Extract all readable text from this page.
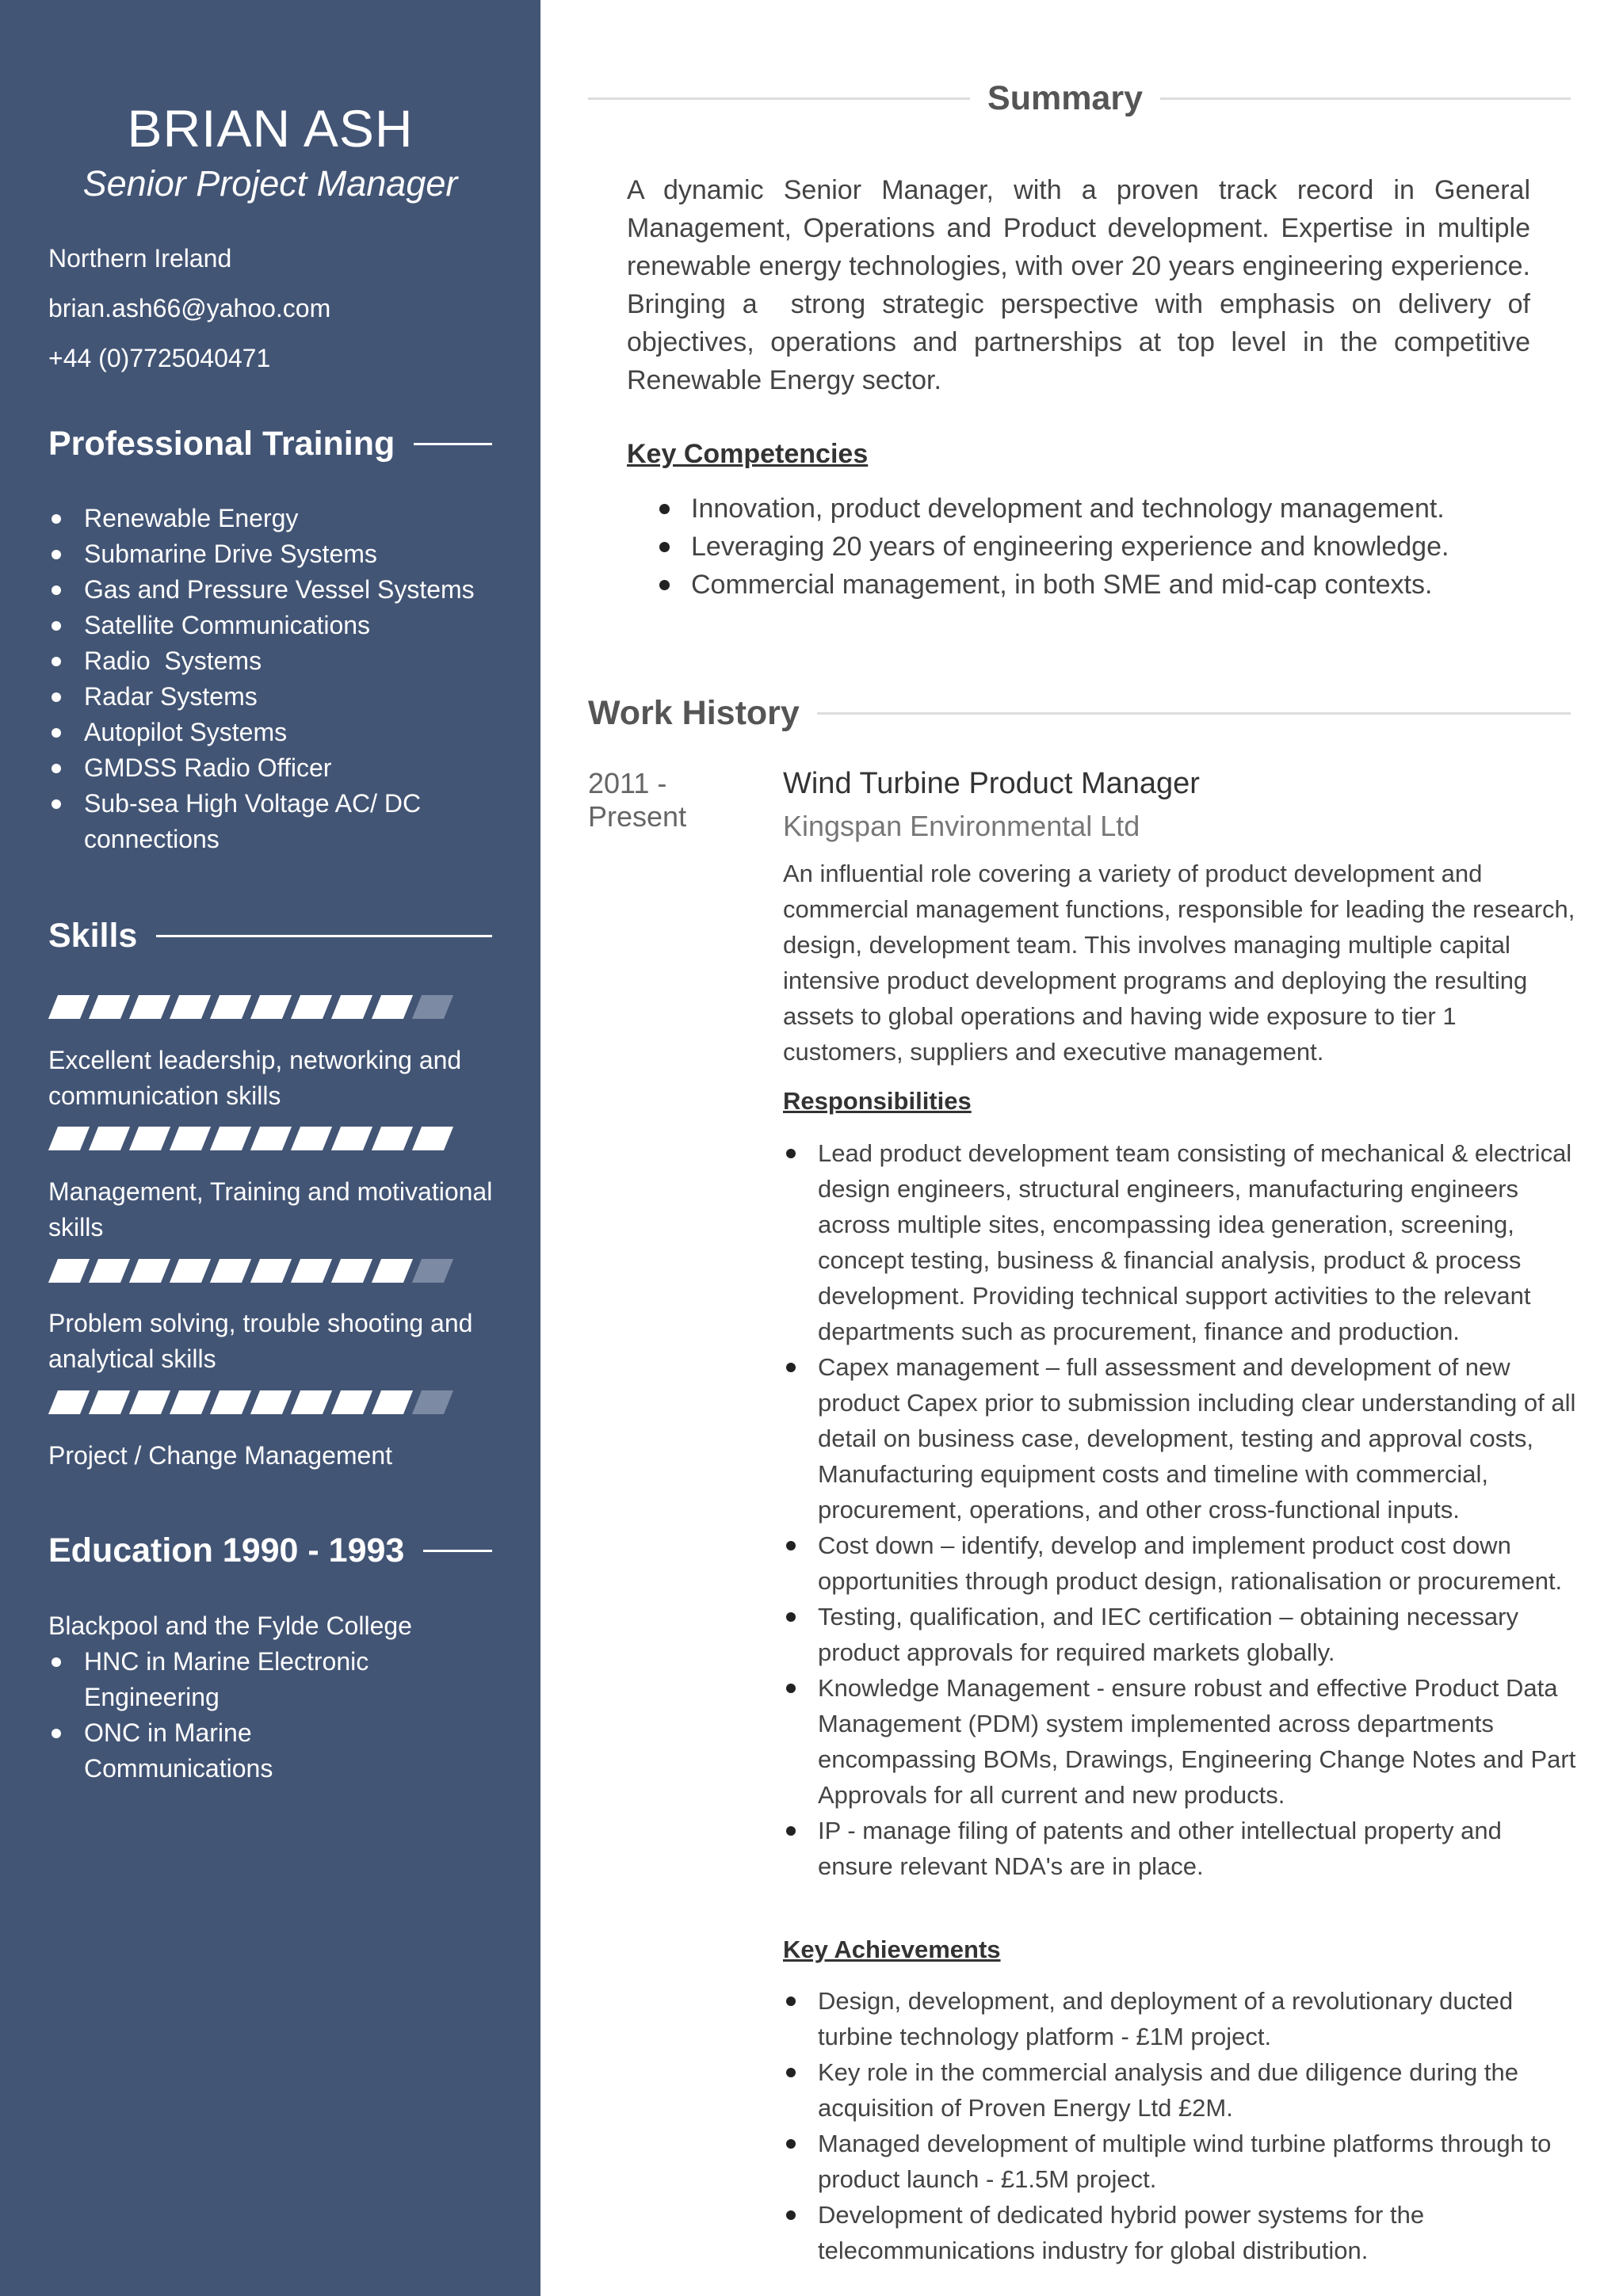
BRIAN ASH

Senior Project Manager

Northern Ireland

brian.ash66@yahoo.com

+44 (0)7725040471

Professional Training
Renewable Energy
Submarine Drive Systems
Gas and Pressure Vessel Systems
Satellite Communications
Radio  Systems
Radar Systems
Autopilot Systems
GMDSS Radio Officer
Sub-sea High Voltage AC/ DC connections
Skills

Excellent leadership, networking and communication skills

Management, Training and motivational skills

Problem solving, trouble shooting and analytical skills

Project / Change Management

Education 1990 - 1993

Blackpool and the Fylde College

HNC in Marine Electronic Engineering
ONC in Marine Communications
Summary

A dynamic Senior Manager, with a proven track record in General Management, Operations and Product development. Expertise in multiple renewable energy technologies, with over 20 years engineering experience. Bringing a  strong strategic perspective with emphasis on delivery of objectives, operations and partnerships at top level in the competitive Renewable Energy sector.

Key Competencies

Innovation, product development and technology management.
Leveraging 20 years of engineering experience and knowledge.
Commercial management, in both SME and mid-cap contexts.
Work History

2011 -
Present

Wind Turbine Product Manager

Kingspan Environmental Ltd

An influential role covering a variety of product development and commercial management functions, responsible for leading the research, design, development team. This involves managing multiple capital intensive product development programs and deploying the resulting assets to global operations and having wide exposure to tier 1 customers, suppliers and executive management.

Responsibilities

Lead product development team consisting of mechanical & electrical design engineers, structural engineers, manufacturing engineers across multiple sites, encompassing idea generation, screening, concept testing, business & financial analysis, product & process development. Providing technical support activities to the relevant departments such as procurement, finance and production.
Capex management – full assessment and development of new product Capex prior to submission including clear understanding of all detail on business case, development, testing and approval costs, Manufacturing equipment costs and timeline with commercial, procurement, operations, and other cross-functional inputs.
Cost down – identify, develop and implement product cost down opportunities through product design, rationalisation or procurement.
Testing, qualification, and IEC certification – obtaining necessary product approvals for required markets globally.
Knowledge Management - ensure robust and effective Product Data Management (PDM) system implemented across departments encompassing BOMs, Drawings, Engineering Change Notes and Part Approvals for all current and new products.
IP - manage filing of patents and other intellectual property and ensure relevant NDA's are in place.

Key Achievements

Design, development, and deployment of a revolutionary ducted turbine technology platform - £1M project.
Key role in the commercial analysis and due diligence during the acquisition of Proven Energy Ltd £2M.
Managed development of multiple wind turbine platforms through to product launch - £1.5M project.
Development of dedicated hybrid power systems for the telecommunications industry for global distribution.
